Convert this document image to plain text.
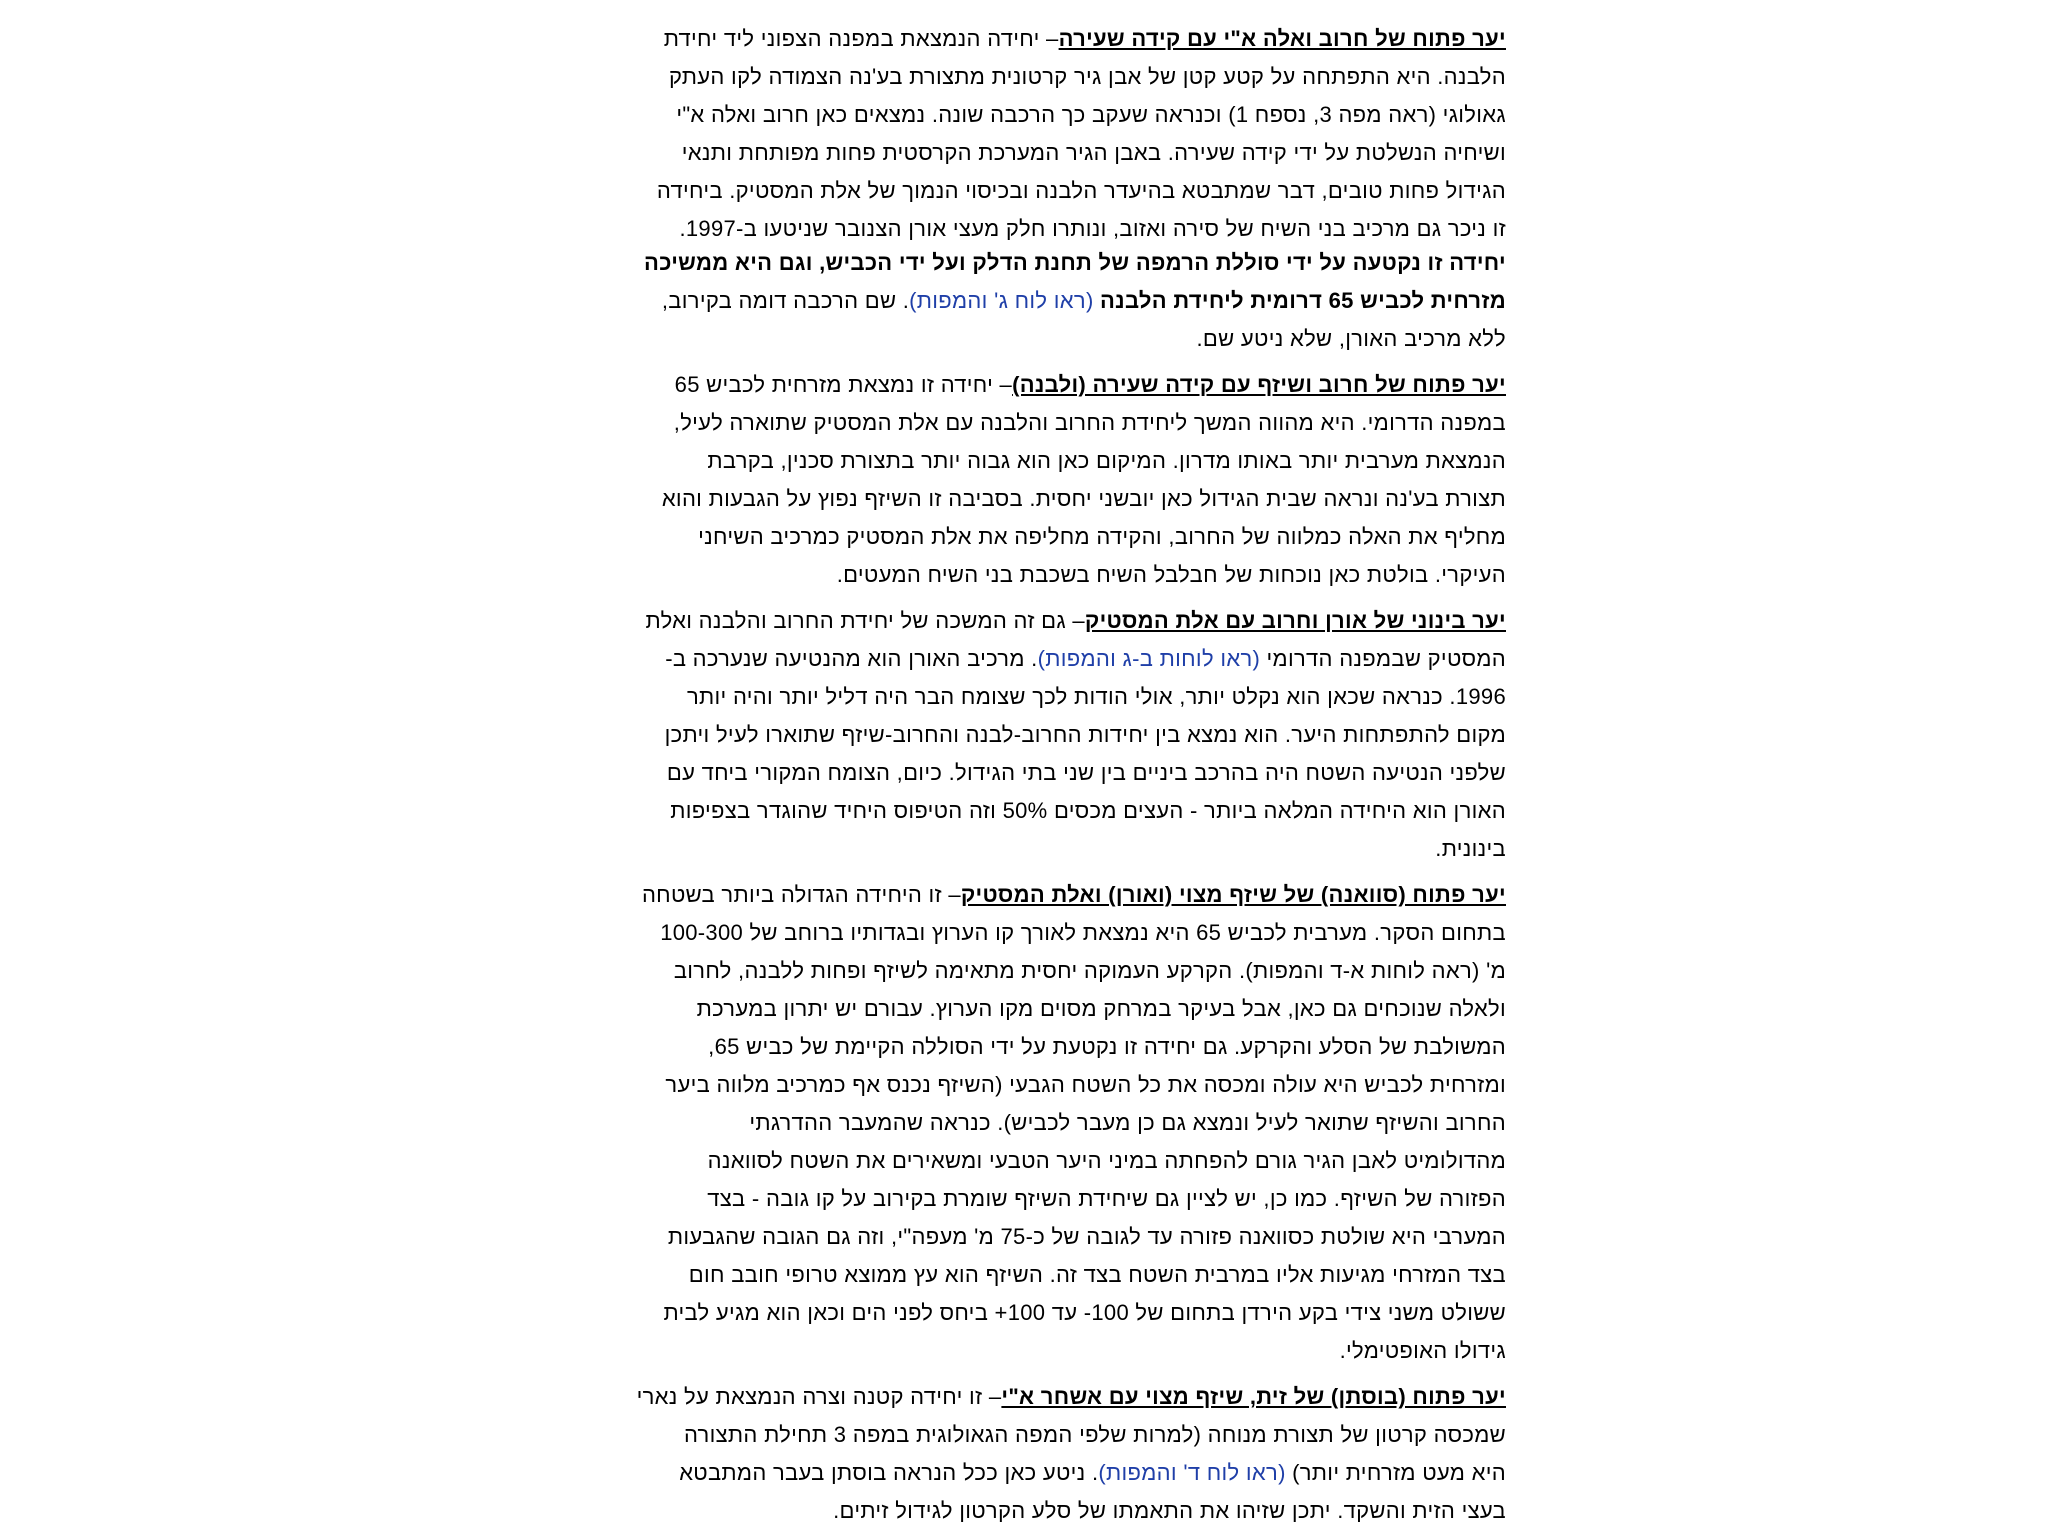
יער פתוח של חרוב ואלה א"י עם קידה שעירה– יחידה הנמצאת במפנה הצפוני ליד יחידת
הלבנה. היא התפתחה על קטע קטן של אבן גיר קרטונית מתצורת בע'נה הצמודה לקו העתק
גאולוגי (ראה מפה 3, נספח 1) וכנראה שעקב כך הרכבה שונה. נמצאים כאן חרוב ואלה א"י
ושיחיה הנשלטת על ידי קידה שעירה. באבן הגיר המערכת הקרסטית פחות מפותחת ותנאי
הגידול פחות טובים, דבר שמתבטא בהיעדר הלבנה ובכיסוי הנמוך של אלת המסטיק. ביחידה
זו ניכר גם מרכיב בני השיח של סירה ואזוב, ונותרו חלק מעצי אורן הצנובר שניטעו ב-1997.
יחידה זו נקטעה על ידי סוללת הרמפה של תחנת הדלק ועל ידי הכביש, וגם היא ממשיכה
מזרחית לכביש 65 דרומית ליחידת הלבנה (ראו לוח ג' והמפות). שם הרכבה דומה בקירוב,
ללא מרכיב האורן, שלא ניטע שם.
יער פתוח של חרוב ושיזף עם קידה שעירה (ולבנה)– יחידה זו נמצאת מזרחית לכביש 65
במפנה הדרומי. היא מהווה המשך ליחידת החרוב והלבנה עם אלת המסטיק שתוארה לעיל,
הנמצאת מערבית יותר באותו מדרון. המיקום כאן הוא גבוה יותר בתצורת סכנין, בקרבת
תצורת בע'נה ונראה שבית הגידול כאן יובשני יחסית. בסביבה זו השיזף נפוץ על הגבעות והוא
מחליף את האלה כמלווה של החרוב, והקידה מחליפה את אלת המסטיק כמרכיב השיחני
העיקרי. בולטת כאן נוכחות של חבלבל השיח בשכבת בני השיח המעטים.
יער בינוני של אורן וחרוב עם אלת המסטיק– גם זה המשכה של יחידת החרוב והלבנה ואלת
המסטיק שבמפנה הדרומי (ראו לוחות ב-ג והמפות). מרכיב האורן הוא מהנטיעה שנערכה ב-
1996. כנראה שכאן הוא נקלט יותר, אולי הודות לכך שצומח הבר היה דליל יותר והיה יותר
מקום להתפתחות היער. הוא נמצא בין יחידות החרוב-לבנה והחרוב-שיזף שתוארו לעיל ויתכן
שלפני הנטיעה השטח היה בהרכב ביניים בין שני בתי הגידול. כיום, הצומח המקורי ביחד עם
האורן הוא היחידה המלאה ביותר - העצים מכסים 50% וזה הטיפוס היחיד שהוגדר בצפיפות
בינונית.
יער פתוח (סוואנה) של שיזף מצוי (ואורן) ואלת המסטיק– זו היחידה הגדולה ביותר בשטחה
בתחום הסקר. מערבית לכביש 65 היא נמצאת לאורך קו הערוץ ובגדותיו ברוחב של 100-300
מ' (ראה לוחות א-ד והמפות). הקרקע העמוקה יחסית מתאימה לשיזף ופחות ללבנה, לחרוב
ולאלה שנוכחים גם כאן, אבל בעיקר במרחק מסוים מקו הערוץ. עבורם יש יתרון במערכת
המשולבת של הסלע והקרקע. גם יחידה זו נקטעת על ידי הסוללה הקיימת של כביש 65,
ומזרחית לכביש היא עולה ומכסה את כל השטח הגבעי (השיזף נכנס אף כמרכיב מלווה ביער
החרוב והשיזף שתואר לעיל ונמצא גם כן מעבר לכביש). כנראה שהמעבר ההדרגתי
מהדולומיט לאבן הגיר גורם להפחתה במיני היער הטבעי ומשאירים את השטח לסוואנה
הפזורה של השיזף. כמו כן, יש לציין גם שיחידת השיזף שומרת בקירוב על קו גובה - בצד
המערבי היא שולטת כסוואנה פזורה עד לגובה של כ-75 מ' מעפה"י, וזה גם הגובה שהגבעות
בצד המזרחי מגיעות אליו במרבית השטח בצד זה. השיזף הוא עץ ממוצא טרופי חובב חום
ששולט משני צידי בקע הירדן בתחום של 100- עד 100+ ביחס לפני הים וכאן הוא מגיע לבית
גידולו האופטימלי.
יער פתוח (בוסתן) של זית, שיזף מצוי עם אשחר א"י– זו יחידה קטנה וצרה הנמצאת על נארי
שמכסה קרטון של תצורת מנוחה (למרות שלפי המפה הגאולוגית במפה 3 תחילת התצורה
היא מעט מזרחית יותר) (ראו לוח ד' והמפות). ניטע כאן ככל הנראה בוסתן בעבר המתבטא
בעצי הזית והשקד. יתכן שזיהו את התאמתו של סלע הקרטון לגידול זיתים.
